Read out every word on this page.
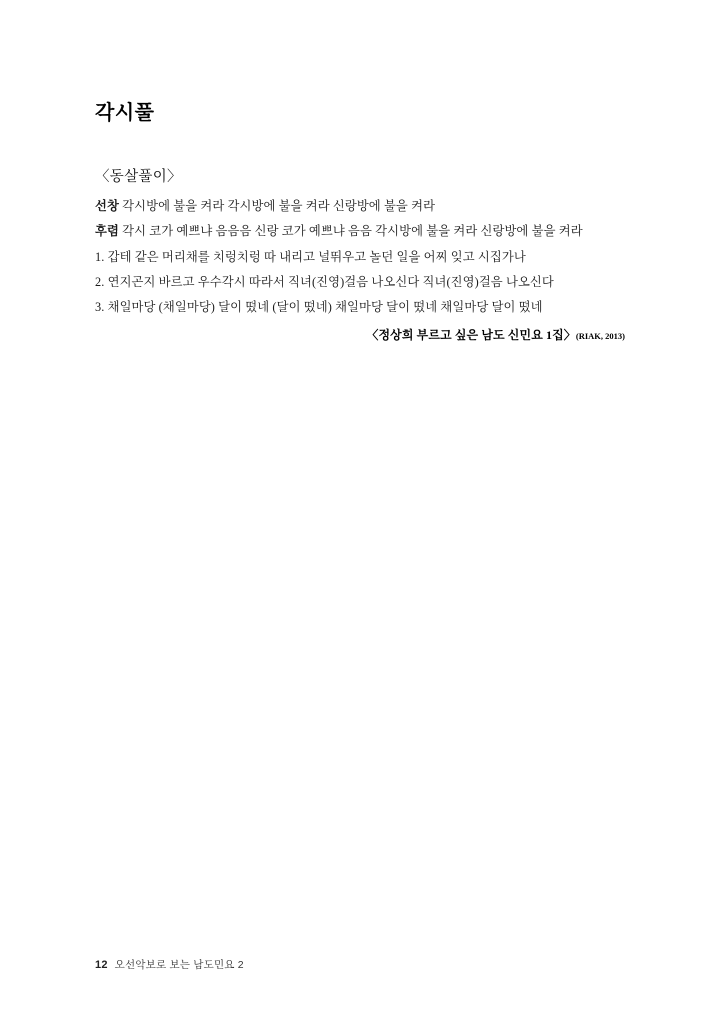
각시풀

〈동살풀이〉

선창 각시방에 불을 켜라 각시방에 불을 켜라 신랑방에 불을 켜라

후렴 각시 코가 예쁘냐 음음음 신랑 코가 예쁘냐 음음 각시방에 불을 켜라 신랑방에 불을 켜라

1. 갑테 같은 머리채를 치렁치렁 따 내리고 널뛰우고 놀던 일을 어찌 잊고 시집가나

2. 연지곤지 바르고 우수각시 따라서 직녀(진영)걸음 나오신다 직녀(진영)걸음 나오신다

3. 채일마당 (채일마당) 달이 떴네 (달이 떴네) 채일마당 달이 떴네 채일마당 달이 떴네

〈정상희 부르고 싶은 남도 신민요 1집〉(RIAK, 2013)

12 오선악보로 보는 남도민요 2
